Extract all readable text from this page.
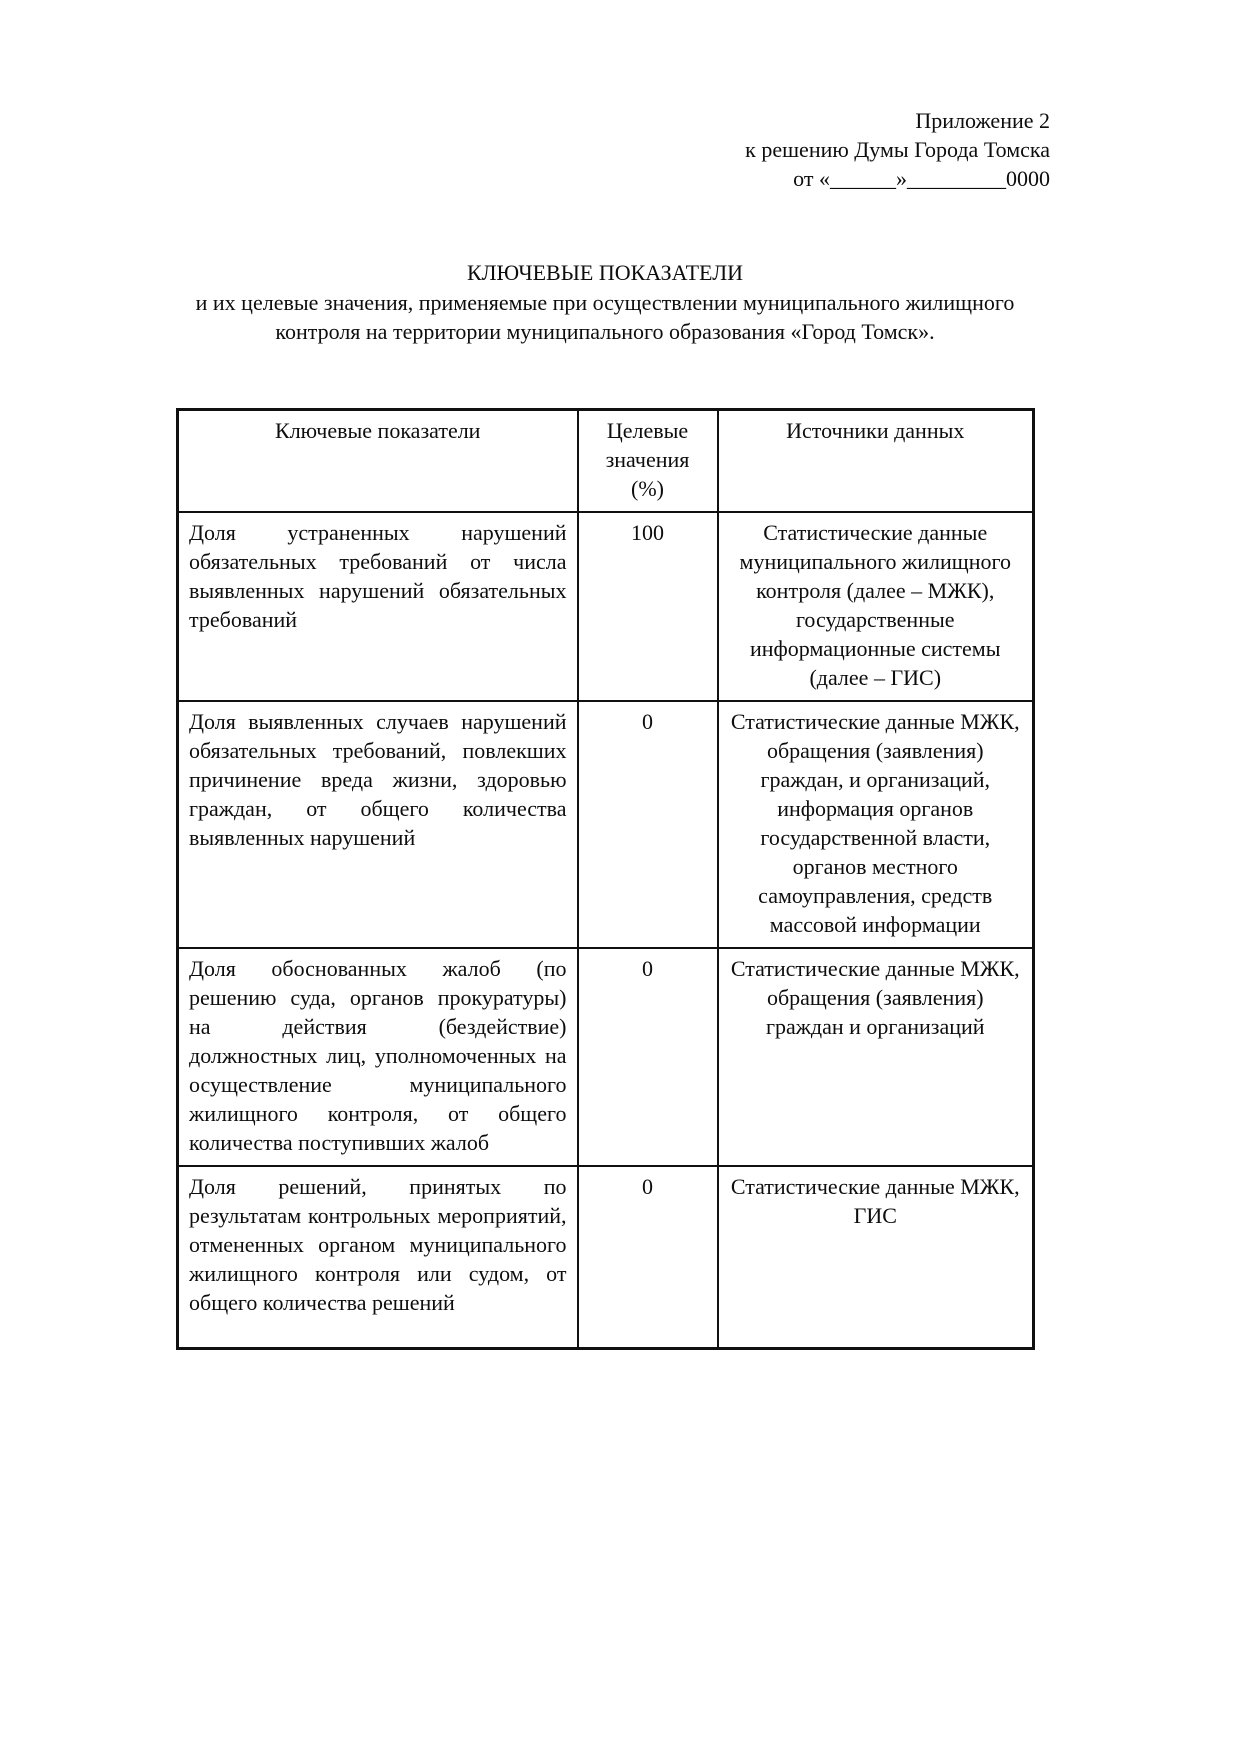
Приложение 2
к решению Думы Города Томска
от «______»_________0000
КЛЮЧЕВЫЕ ПОКАЗАТЕЛИ
и их целевые значения, применяемые при осуществлении муниципального жилищного контроля на территории муниципального образования «Город Томск».
Ключевые показатели	Целевые значения (%)	Источники данных
Доля устраненных нарушений обязательных требований от числа выявленных нарушений обязательных требований	100	Статистические данные муниципального жилищного контроля (далее – МЖК), государственные информационные системы (далее – ГИС)
Доля выявленных случаев нарушений обязательных требований, повлекших причинение вреда жизни, здоровью граждан, от общего количества выявленных нарушений	0	Статистические данные МЖК, обращения (заявления) граждан, и организаций, информация органов государственной власти, органов местного самоуправления, средств массовой информации
Доля обоснованных жалоб (по решению суда, органов прокуратуры) на действия (бездействие) должностных лиц, уполномоченных на осуществление муниципального жилищного контроля, от общего количества поступивших жалоб	0	Статистические данные МЖК, обращения (заявления) граждан и организаций
Доля решений, принятых по результатам контрольных мероприятий, отмененных органом муниципального жилищного контроля или судом, от общего количества решений	0	Статистические данные МЖК, ГИС
